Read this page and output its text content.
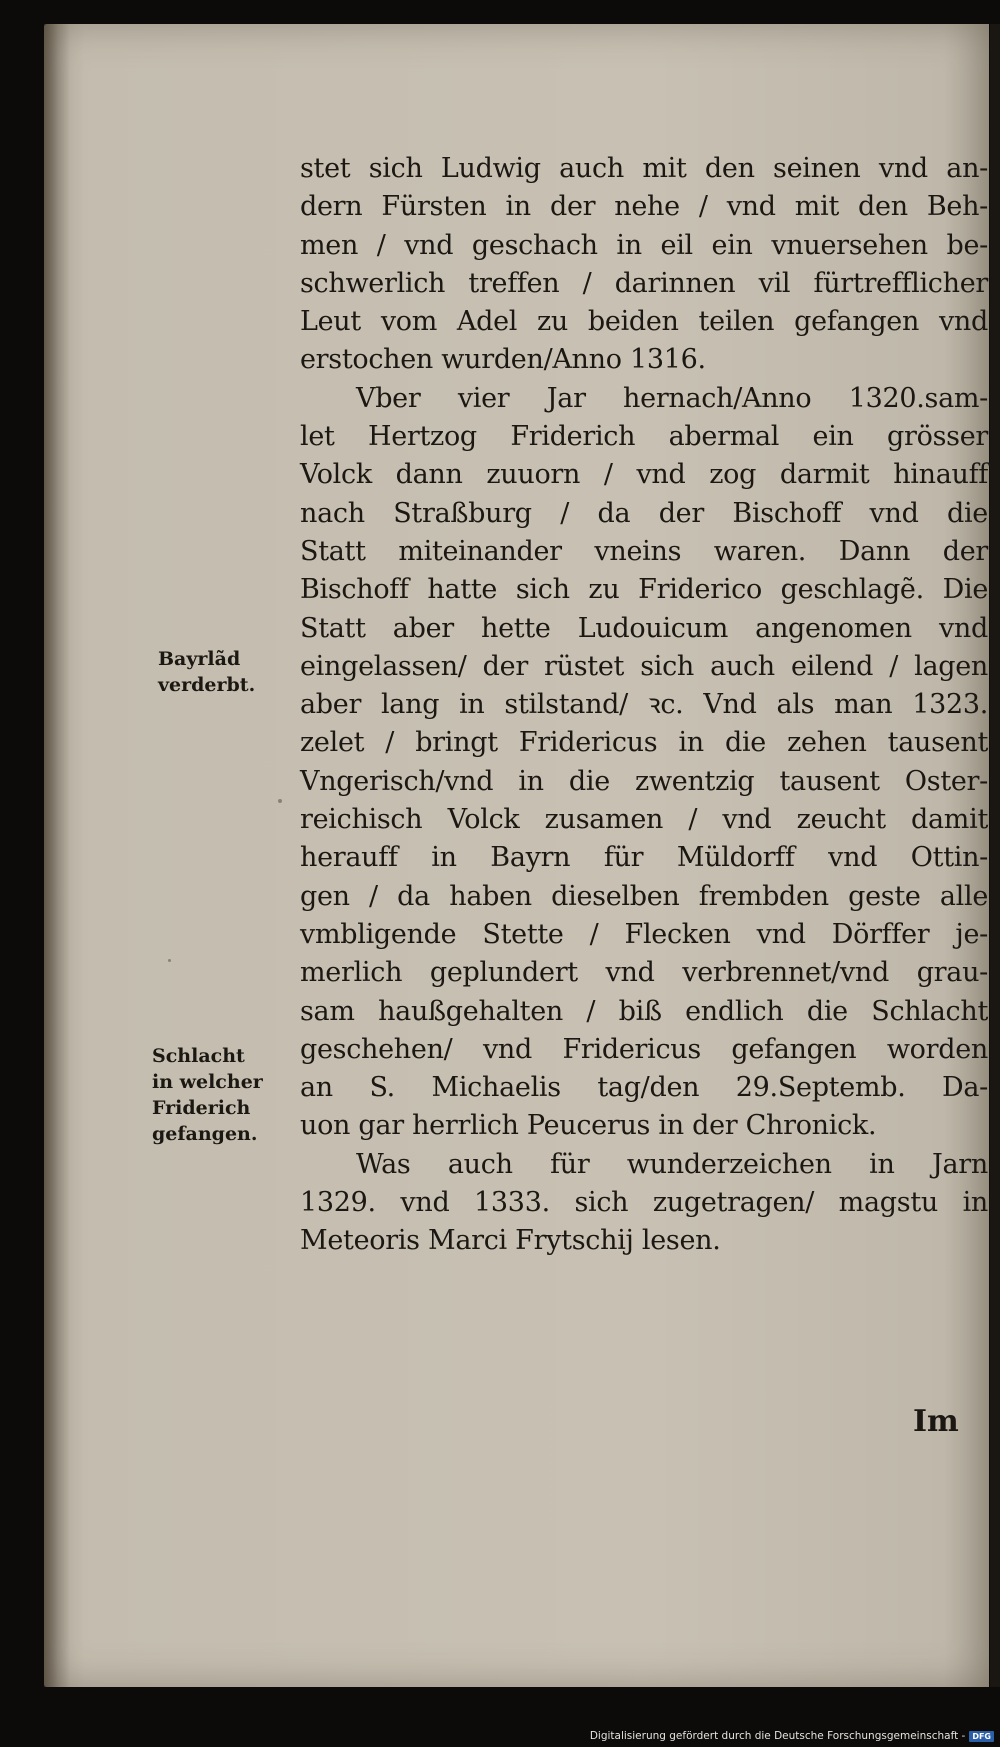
stet sich Ludwig auch mit den seinen vnd an-
dern Fürsten in der nehe / vnd mit den Beh-
men / vnd geschach in eil ein vnuersehen be-
schwerlich treffen / darinnen vil fürtrefflicher
Leut vom Adel zu beiden teilen gefangen vnd
erstochen wurden/Anno 1316.
Vber vier Jar hernach/Anno 1320.sam-
let Hertzog Friderich abermal ein grösser
Volck dann zuuorn / vnd zog darmit hinauff
nach Straßburg / da der Bischoff vnd die
Statt miteinander vneins waren. Dann der
Bischoff hatte sich zu Friderico geschlagẽ. Die
Statt aber hette Ludouicum angenomen vnd
eingelassen/ der rüstet sich auch eilend / lagen
aber lang in stilstand/ ꝛc. Vnd als man 1323.
zelet / bringt Fridericus in die zehen tausent
Vngerisch/vnd in die zwentzig tausent Oster-
reichisch Volck zusamen / vnd zeucht damit
herauff in Bayrn für Müldorff vnd Ottin-
gen / da haben dieselben frembden geste alle
vmbligende Stette / Flecken vnd Dörffer je-
merlich geplundert vnd verbrennet/vnd grau-
sam haußgehalten / biß endlich die Schlacht
geschehen/ vnd Fridericus gefangen worden
an S. Michaelis tag/den 29.Septemb. Da-
uon gar herrlich Peucerus in der Chronick.
Was auch für wunderzeichen in Jarn
1329. vnd 1333. sich zugetragen/ magstu in
Meteoris Marci Frytschij lesen.
Bayrlãd
verderbt.
Schlacht
in welcher
Friderich
gefangen.
Im
Digitalisierung gefördert durch die Deutsche Forschungsgemeinschaft - DFG
